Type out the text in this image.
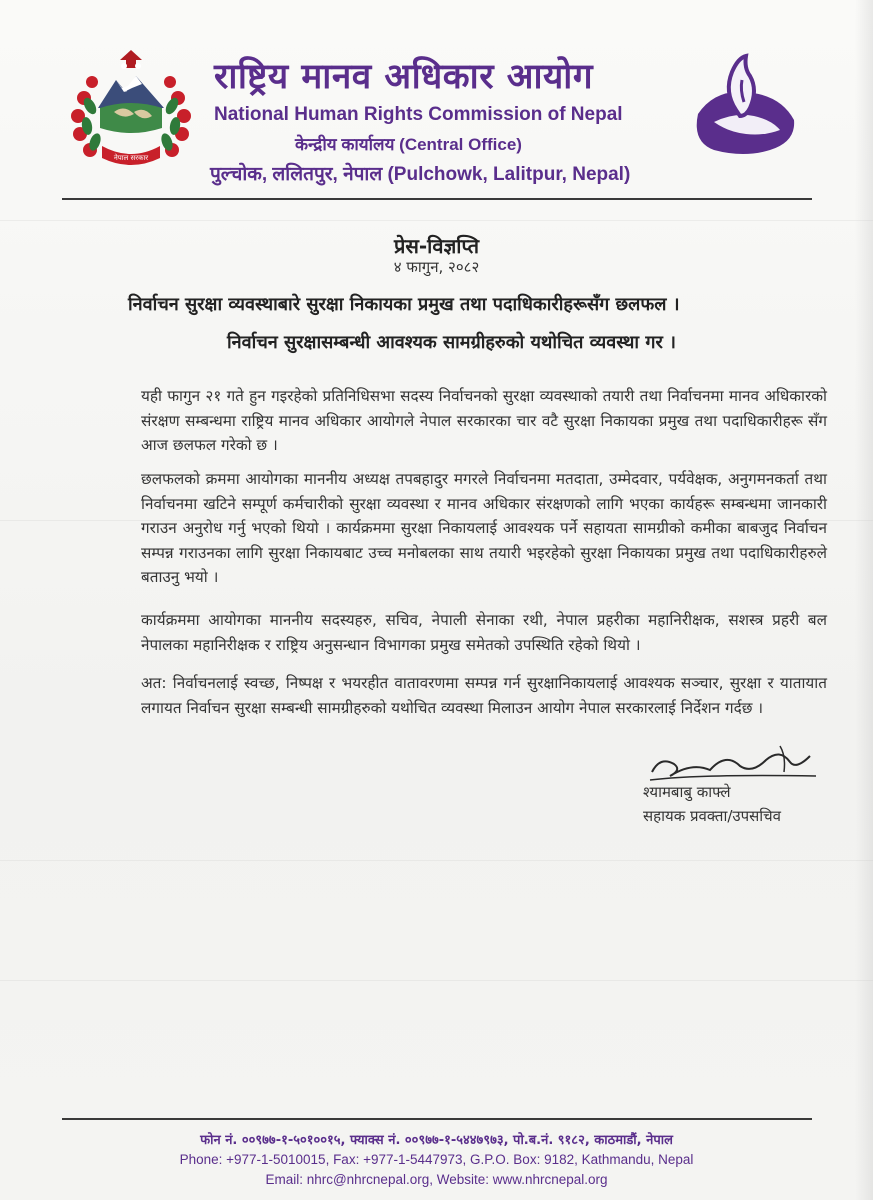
नेपाल सरकार
राष्ट्रिय मानव अधिकार आयोग
National Human Rights Commission of Nepal
केन्द्रीय कार्यालय (Central Office)
पुल्चोक, ललितपुर, नेपाल (Pulchowk, Lalitpur, Nepal)
प्रेस-विज्ञप्ति
४ फागुन, २०८२
निर्वाचन सुरक्षा व्यवस्थाबारे सुरक्षा निकायका प्रमुख तथा पदाधिकारीहरूसँग छलफल ।
निर्वाचन सुरक्षासम्बन्धी आवश्यक सामग्रीहरुको यथोचित व्यवस्था गर ।
यही फागुन २१ गते हुन गइरहेको प्रतिनिधिसभा सदस्य निर्वाचनको सुरक्षा व्यवस्थाको तयारी तथा निर्वाचनमा मानव अधिकारको संरक्षण सम्बन्धमा राष्ट्रिय मानव अधिकार आयोगले नेपाल सरकारका चार वटै सुरक्षा निकायका प्रमुख तथा पदाधिकारीहरू सँग आज छलफल गरेको छ ।
छलफलको क्रममा आयोगका माननीय अध्यक्ष तपबहादुर मगरले निर्वाचनमा मतदाता, उम्मेदवार, पर्यवेक्षक, अनुगमनकर्ता तथा निर्वाचनमा खटिने सम्पूर्ण कर्मचारीको सुरक्षा व्यवस्था र मानव अधिकार संरक्षणको लागि भएका कार्यहरू सम्बन्धमा जानकारी गराउन अनुरोध गर्नु भएको थियो । कार्यक्रममा सुरक्षा निकायलाई आवश्यक पर्ने सहायता सामग्रीको कमीका बाबजुद निर्वाचन सम्पन्न गराउनका लागि सुरक्षा निकायबाट उच्च मनोबलका साथ तयारी भइरहेको सुरक्षा निकायका प्रमुख तथा पदाधिकारीहरुले बताउनु भयो ।
कार्यक्रममा आयोगका माननीय सदस्यहरु, सचिव, नेपाली सेनाका रथी, नेपाल प्रहरीका महानिरीक्षक, सशस्त्र प्रहरी बल नेपालका महानिरीक्षक र राष्ट्रिय अनुसन्धान विभागका प्रमुख समेतको उपस्थिति रहेको थियो ।
अत: निर्वाचनलाई स्वच्छ, निष्पक्ष र भयरहीत वातावरणमा सम्पन्न गर्न सुरक्षानिकायलाई आवश्यक सञ्चार, सुरक्षा र यातायात लगायत निर्वाचन सुरक्षा सम्बन्धी सामग्रीहरुको यथोचित व्यवस्था मिलाउन आयोग नेपाल सरकारलाई निर्देशन गर्दछ ।
श्यामबाबु काफ्ले
सहायक प्रवक्ता/उपसचिव
फोन नं. ००९७७-१-५०१००१५, फ्याक्स नं. ००९७७-१-५४४७९७३, पो.ब.नं. ९१८२, काठमाडौं, नेपाल
Phone: +977-1-5010015, Fax: +977-1-5447973, G.P.O. Box: 9182, Kathmandu, Nepal
Email: nhrc@nhrcnepal.org, Website: www.nhrcnepal.org
